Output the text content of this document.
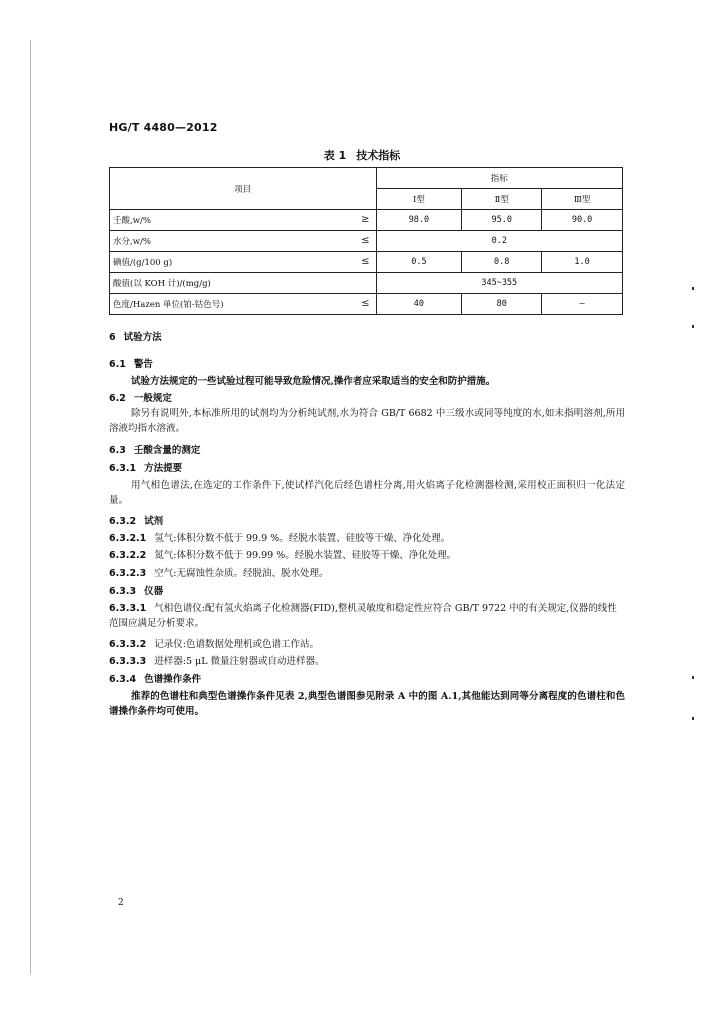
HG/T 4480—2012
表 1 技术指标
项目	指标		
	Ⅰ型	Ⅱ型	Ⅲ型
壬酸,w/% ≥	98.0	95.0	90.0
水分,w/% ≤	0.2		
碘值/(g/100 g) ≤	0.5	0.8	1.0
酸值(以 KOH 计)/(mg/g)	345~355		
色度/Hazen 单位(铂-钴色号) ≤	40	80	—
6 试验方法
6.1 警告
试验方法规定的一些试验过程可能导致危险情况,操作者应采取适当的安全和防护措施。
6.2 一般规定
除另有说明外,本标准所用的试剂均为分析纯试剂,水为符合 GB/T 6682 中三级水或同等纯度的水,如未指明溶剂,所用溶液均指水溶液。
6.3 壬酸含量的测定
6.3.1 方法提要
用气相色谱法,在选定的工作条件下,使试样汽化后经色谱柱分离,用火焰离子化检测器检测,采用校正面积归一化法定量。
6.3.2 试剂
6.3.2.1 氢气:体积分数不低于 99.9 %。经脱水装置、硅胶等干燥、净化处理。
6.3.2.2 氮气:体积分数不低于 99.99 %。经脱水装置、硅胶等干燥、净化处理。
6.3.2.3 空气:无腐蚀性杂质。经脱油、脱水处理。
6.3.3 仪器
6.3.3.1 气相色谱仪:配有氢火焰离子化检测器(FID),整机灵敏度和稳定性应符合 GB/T 9722 中的有关规定,仪器的线性范围应满足分析要求。
6.3.3.2 记录仪:色谱数据处理机或色谱工作站。
6.3.3.3 进样器:5 μL 微量注射器或自动进样器。
6.3.4 色谱操作条件
推荐的色谱柱和典型色谱操作条件见表 2,典型色谱图参见附录 A 中的图 A.1,其他能达到同等分离程度的色谱柱和色谱操作条件均可使用。
2
